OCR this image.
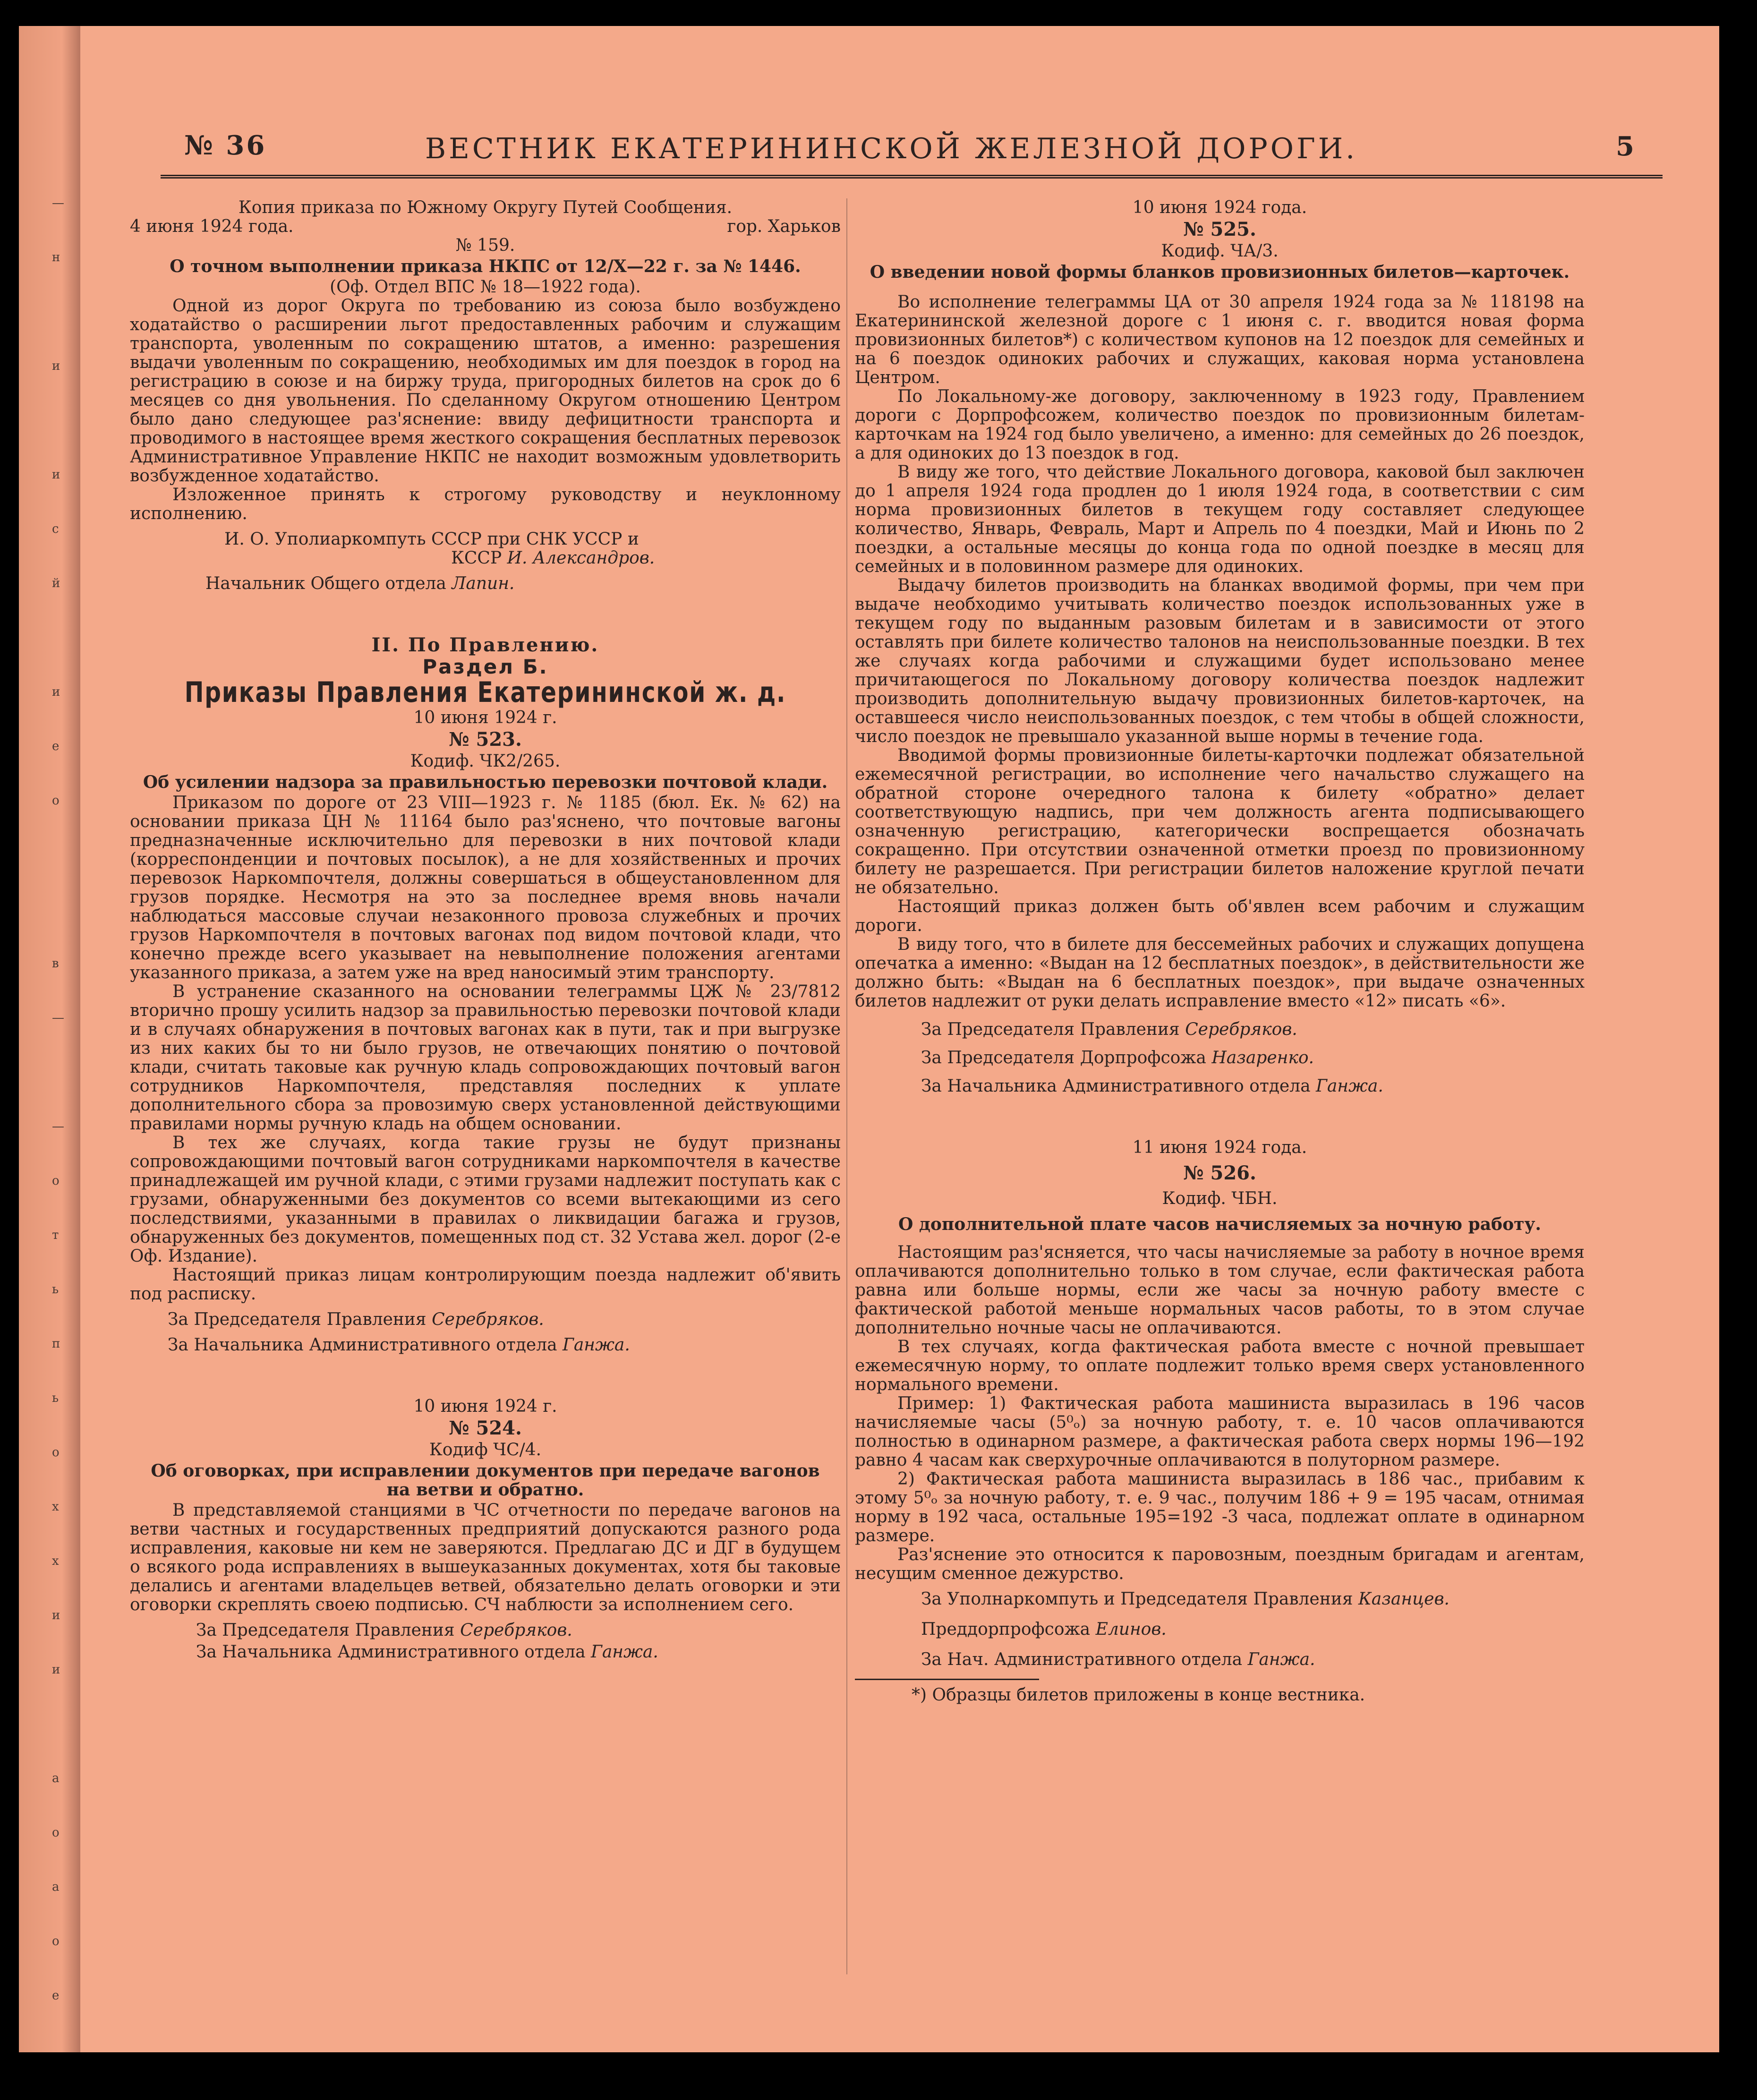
—
н
и
и
с
й
и
е
о
в
—
—
о
т
ь
п
ь
о
х
х
и
и
а
о
а
о
е
№ 36	ВЕСТНИК ЕКАТЕРИНИНСКОЙ ЖЕЛЕЗНОЙ ДОРОГИ.	5
Копия приказа по Южному Округу Путей Сообщения.
4 июня 1924 года.	гор. Харьков
№ 159.
О точном выполнении приказа НКПС от 12/Х—22 г. за № 1446.
(Оф. Отдел ВПС № 18—1922 года).

Одной из дорог Округа по требованию из союза было возбуждено ходатайство о расширении льгот предоставленных рабочим и служащим транспорта, уволенным по сокращению штатов, а именно: разрешения выдачи уволенным по сокращению, необходимых им для поездок в город на регистрацию в союзе и на биржу труда, пригородных билетов на срок до 6 месяцев со дня увольнения. По сделанному Округом отношению Центром было дано следующее раз'яснение: ввиду дефицитности транспорта и проводимого в настоящее время жесткого сокращения бесплатных перевозок Административное Управление НКПС не находит возможным удовлетворить возбужденное ходатайство.

Изложенное принять к строгому руководству и неуклонному исполнению.

И. О. Уполиаркомпуть СССР при СНК УССР и
КССР И. Александров.
Начальник Общего отдела Лапин.
II. По Правлению.
Раздел Б.
Приказы Правления Екатерининской ж. д.
10 июня 1924 г.
№ 523.
Кодиф. ЧК2/265.
Об усилении надзора за правильностью перевозки почтовой клади.

Приказом по дороге от 23 VIII—1923 г. № 1185 (бюл. Ек. № 62) на основании приказа ЦН № 11164 было раз'яснено, что почтовые вагоны предназначенные исключительно для перевозки в них почтовой клади (корреспонденции и почтовых посылок), а не для хозяйственных и прочих перевозок Наркомпочтеля, должны совершаться в общеустановленном для грузов порядке. Несмотря на это за последнее время вновь начали наблюдаться массовые случаи незаконного провоза служебных и прочих грузов Наркомпочтеля в почтовых вагонах под видом почтовой клади, что конечно прежде всего указывает на невыполнение положения агентами указанного приказа, а затем уже на вред наносимый этим транспорту.

В устранение сказанного на основании телеграммы ЦЖ № 23/7812 вторично прошу усилить надзор за правильностью перевозки почтовой клади и в случаях обнаружения в почтовых вагонах как в пути, так и при выгрузке из них каких бы то ни было грузов, не отвечающих понятию о почтовой клади, считать таковые как ручную кладь сопровождающих почтовый вагон сотрудников Наркомпочтеля, представляя последних к уплате дополнительного сбора за провозимую сверх установленной действующими правилами нормы ручную кладь на общем основании.

В тех же случаях, когда такие грузы не будут признаны сопровождающими почтовый вагон сотрудниками наркомпочтеля в качестве принадлежащей им ручной клади, с этими грузами надлежит поступать как с грузами, обнаруженными без документов со всеми вытекающими из сего последствиями, указанными в правилах о ликвидации багажа и грузов, обнаруженных без документов, помещенных под ст. 32 Устава жел. дорог (2-е Оф. Издание).

Настоящий приказ лицам контролирующим поезда надлежит об'явить под расписку.

За Председателя Правления Серебряков.
За Начальника Административного отдела Ганжа.
10 июня 1924 г.
№ 524.
Кодиф ЧС/4.
Об оговорках, при исправлении документов при передаче вагонов на ветви и обратно.

В представляемой станциями в ЧС отчетности по передаче вагонов на ветви частных и государственных предприятий допускаются разного рода исправления, каковые ни кем не заверяются. Предлагаю ДС и ДГ в будущем о всякого рода исправлениях в вышеуказанных документах, хотя бы таковые делались и агентами владельцев ветвей, обязательно делать оговорки и эти оговорки скреплять своею подписью. СЧ наблюсти за исполнением сего.

За Председателя Правления Серебряков.
За Начальника Административного отдела Ганжа.
10 июня 1924 года.
№ 525.
Кодиф. ЧА/3.
О введении новой формы бланков провизионных билетов—карточек.

Во исполнение телеграммы ЦА от 30 апреля 1924 года за № 118198 на Екатерининской железной дороге с 1 июня с. г. вводится новая форма провизионных билетов*) с количеством купонов на 12 поездок для семейных и на 6 поездок одиноких рабочих и служащих, каковая норма установлена Центром.

По Локальному-же договору, заключенному в 1923 году, Правлением дороги с Дорпрофсожем, количество поездок по провизионным билетам-карточкам на 1924 год было увеличено, а именно: для семейных до 26 поездок, а для одиноких до 13 поездок в год.

В виду же того, что действие Локального договора, каковой был заключен до 1 апреля 1924 года продлен до 1 июля 1924 года, в соответствии с сим норма провизионных билетов в текущем году составляет следующее количество, Январь, Февраль, Март и Апрель по 4 поездки, Май и Июнь по 2 поездки, а остальные месяцы до конца года по одной поездке в месяц для семейных и в половинном размере для одиноких.

Выдачу билетов производить на бланках вводимой формы, при чем при выдаче необходимо учитывать количество поездок использованных уже в текущем году по выданным разовым билетам и в зависимости от этого оставлять при билете количество талонов на неиспользованные поездки. В тех же случаях когда рабочими и служащими будет использовано менее причитающегося по Локальному договору количества поездок надлежит производить дополнительную выдачу провизионных билетов-карточек, на оставшееся число неиспользованных поездок, с тем чтобы в общей сложности, число поездок не превышало указанной выше нормы в течение года.

Вводимой формы провизионные билеты-карточки подлежат обязательной ежемесячной регистрации, во исполнение чего начальство служащего на обратной стороне очередного талона к билету «обратно» делает соответствующую надпись, при чем должность агента подписывающего означенную регистрацию, категорически воспрещается обозначать сокращенно. При отсутствии означенной отметки проезд по провизионному билету не разрешается. При регистрации билетов наложение круглой печати не обязательно.

Настоящий приказ должен быть об'явлен всем рабочим и служащим дороги.

В виду того, что в билете для бессемейных рабочих и служащих допущена опечатка а именно: «Выдан на 12 бесплатных поездок», в действительности же должно быть: «Выдан на 6 бесплатных поездок», при выдаче означенных билетов надлежит от руки делать исправление вместо «12» писать «6».

За Председателя Правления Серебряков.
За Председателя Дорпрофсожа Назаренко.
За Начальника Административного отдела Ганжа.
11 июня 1924 года.
№ 526.
Кодиф. ЧБН.
О дополнительной плате часов начисляемых за ночную работу.

Настоящим раз'ясняется, что часы начисляемые за работу в ночное время оплачиваются дополнительно только в том случае, если фактическая работа равна или больше нормы, если же часы за ночную работу вместе с фактической работой меньше нормальных часов работы, то в этом случае дополнительно ночные часы не оплачиваются.

В тех случаях, когда фактическая работа вместе с ночной превышает ежемесячную норму, то оплате подлежит только время сверх установленного нормального времени.

Пример: 1) Фактическая работа машиниста выразилась в 196 часов начисляемые часы (5⁰ₒ) за ночную работу, т. е. 10 часов оплачиваются полностью в одинарном размере, а фактическая работа сверх нормы 196—192 равно 4 часам как сверхурочные оплачиваются в полуторном размере.

2) Фактическая работа машиниста выразилась в 186 час., прибавим к этому 5⁰ₒ за ночную работу, т. е. 9 час., получим 186 + 9 = 195 часам, отнимая норму в 192 часа, остальные 195=192 -3 часа, подлежат оплате в одинарном размере.

Раз'яснение это относится к паровозным, поездным бригадам и агентам, несущим сменное дежурство.

За Уполнаркомпуть и Председателя Правления Казанцев.
Преддорпрофсожа Елинов.
За Нач. Административного отдела Ганжа.
*) Образцы билетов приложены в конце вестника.
